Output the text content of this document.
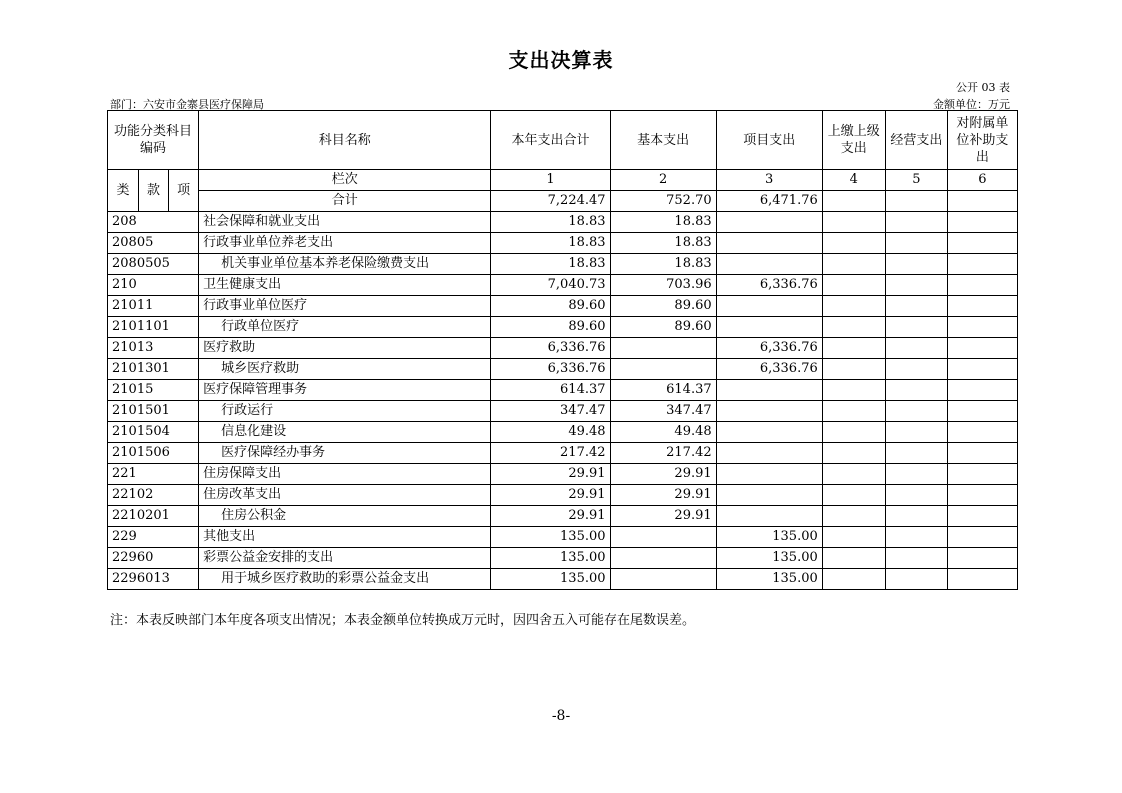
支出决算表
公开 03 表
部门：六安市金寨县医疗保障局	金额单位：万元
功能分类科目编码			科目名称	本年支出合计	基本支出	项目支出	上缴上级支出	经营支出	对附属单位补助支出
类	款	项	栏次	1	2	3	4	5	6
			合计	7,224.47	752.70	6,471.76			
208			社会保障和就业支出	18.83	18.83				
20805			行政事业单位养老支出	18.83	18.83				
2080505			机关事业单位基本养老保险缴费支出	18.83	18.83				
210			卫生健康支出	7,040.73	703.96	6,336.76			
21011			行政事业单位医疗	89.60	89.60				
2101101			行政单位医疗	89.60	89.60				
21013			医疗救助	6,336.76		6,336.76			
2101301			城乡医疗救助	6,336.76		6,336.76			
21015			医疗保障管理事务	614.37	614.37				
2101501			行政运行	347.47	347.47				
2101504			信息化建设	49.48	49.48				
2101506			医疗保障经办事务	217.42	217.42				
221			住房保障支出	29.91	29.91				
22102			住房改革支出	29.91	29.91				
2210201			住房公积金	29.91	29.91				
229			其他支出	135.00		135.00			
22960			彩票公益金安排的支出	135.00		135.00			
2296013			用于城乡医疗救助的彩票公益金支出	135.00		135.00			
注：本表反映部门本年度各项支出情况；本表金额单位转换成万元时，因四舍五入可能存在尾数误差。
-8-
